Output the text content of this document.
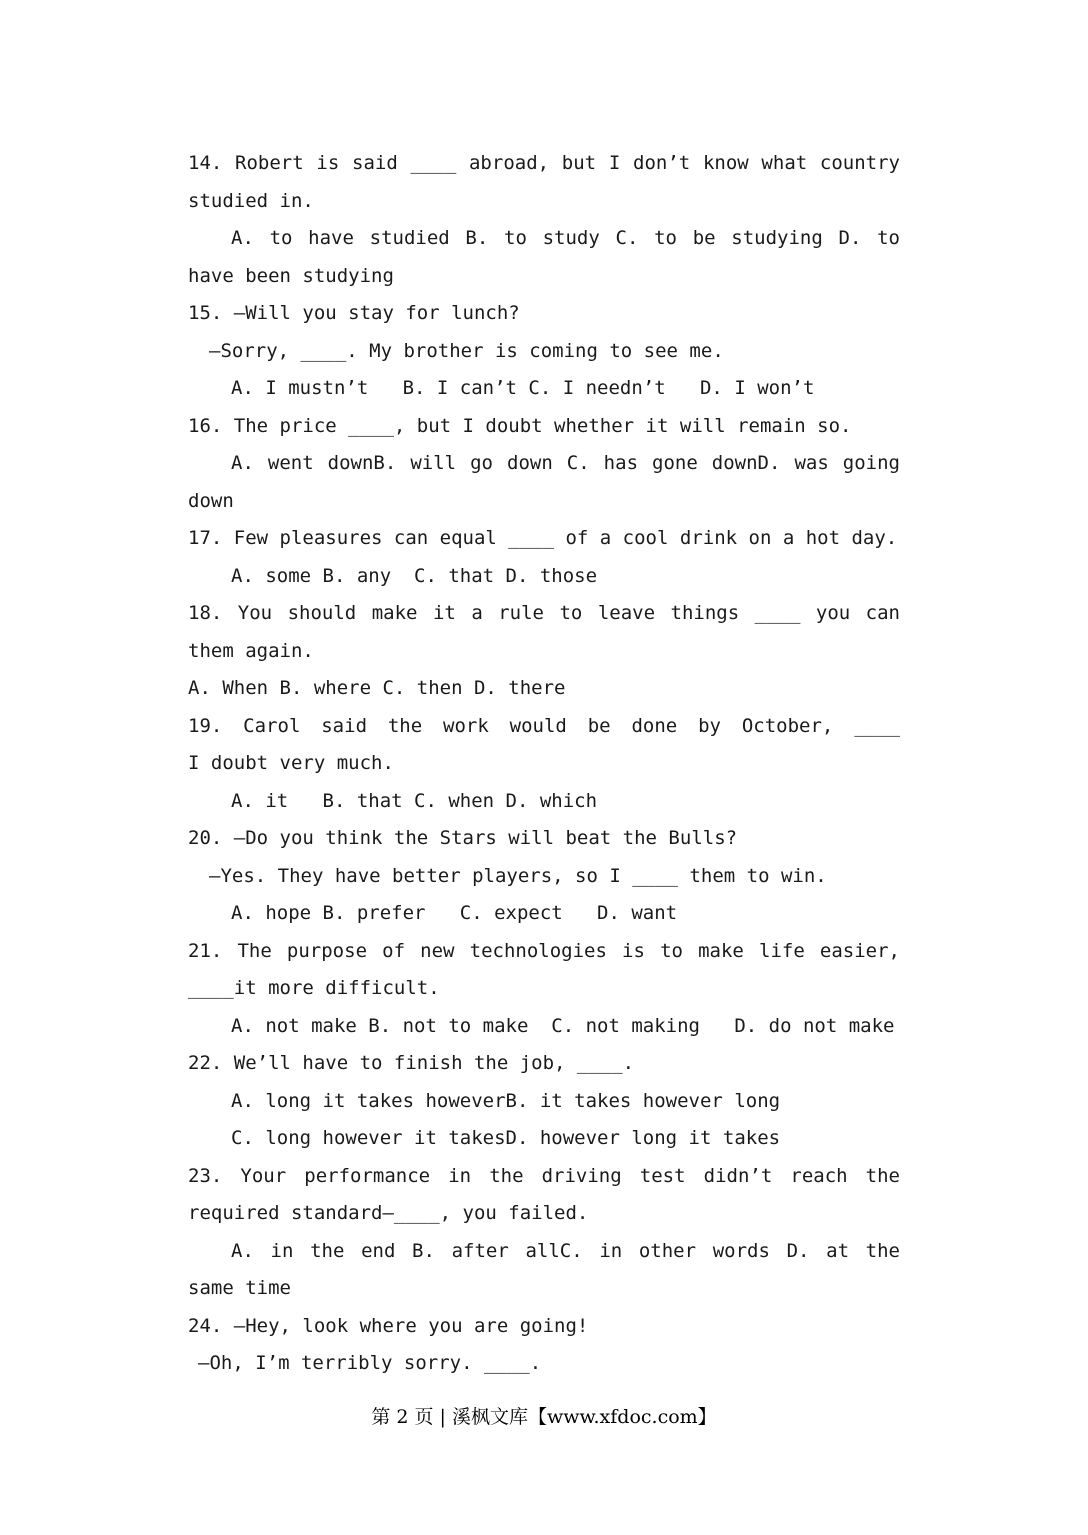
14. Robert is said ____ abroad, but I don’t know what country
studied in.
A. to have studied B. to study C. to be studying D. to
have been studying
15. —Will you stay for lunch?
—Sorry, ____. My brother is coming to see me.
A. I mustn’t   B. I can’t C. I needn’t   D. I won’t
16. The price ____, but I doubt whether it will remain so.
A. went downB. will go down C. has gone downD. was going
down
17. Few pleasures can equal ____ of a cool drink on a hot day.
A. some B. any  C. that D. those
18. You should make it a rule to leave things ____ you can
them again.
A. When B. where C. then D. there
19. Carol said the work would be done by October, ____
I doubt very much.
A. it   B. that C. when D. which
20. —Do you think the Stars will beat the Bulls?
—Yes. They have better players, so I ____ them to win.
A. hope B. prefer   C. expect   D. want
21. The purpose of new technologies is to make life easier,
____it more difficult.
A. not make B. not to make  C. not making   D. do not make
22. We’ll have to finish the job, ____.
A. long it takes howeverB. it takes however long
C. long however it takesD. however long it takes
23. Your performance in the driving test didn’t reach the
required standard—____, you failed.
A. in the end B. after allC. in other words D. at the
same time
24. —Hey, look where you are going!
—Oh, I’m terribly sorry. ____.
第 2 页 | 溪枫文库【www.xfdoc.com】
